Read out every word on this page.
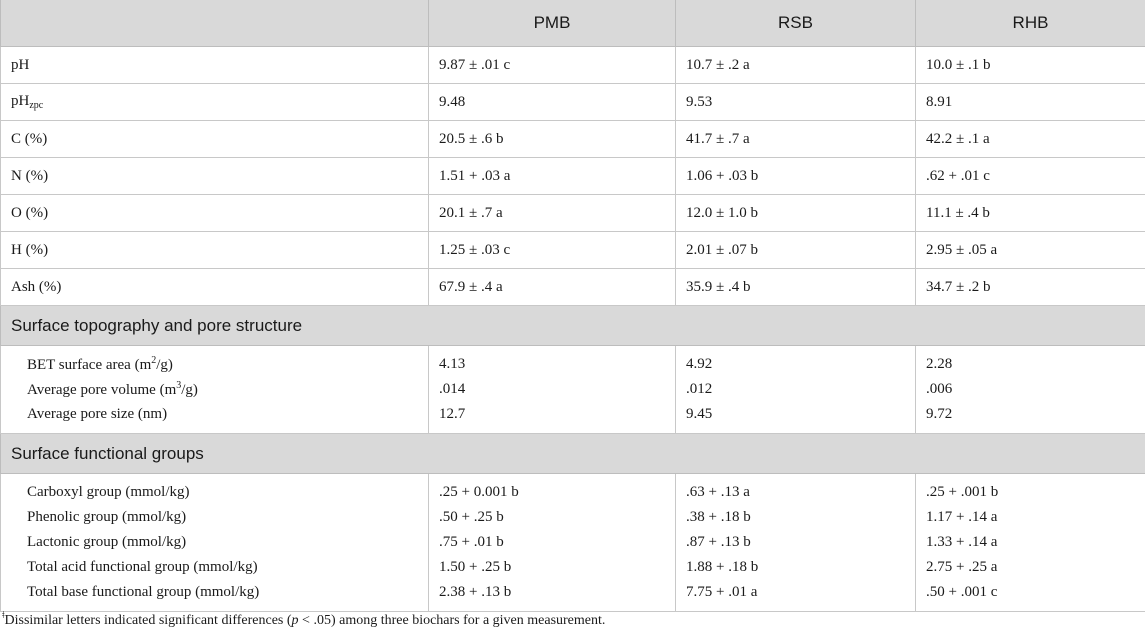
	PMB	RSB	RHB
pH	9.87 ± .01 c	10.7 ± .2 a	10.0 ± .1 b
$pH_{zpc}$	9.48	9.53	8.91
C (%)	20.5 ± .6 b	41.7 ± .7 a	42.2 ± .1 a
N (%)	1.51 + .03 a	1.06 + .03 b	.62 + .01 c
O (%)	20.1 ± .7 a	12.0 ± 1.0 b	11.1 ± .4 b
H (%)	1.25 ± .03 c	2.01 ± .07 b	2.95 ± .05 a
Ash (%)	67.9 ± .4 a	35.9 ± .4 b	34.7 ± .2 b
Surface topography and pore structure			
BET surface area $(m^2/g)$	4.13	4.92	2.28
Average pore volume $(m^3/g)$	.014	.012	.006
Average pore size (nm)	12.7	9.45	9.72
Surface functional groups			
Carboxyl group (mmol/kg)	.25 + 0.001 b	.63 + .13 a	.25 + .001 b
Phenolic group (mmol/kg)	.50 + .25 b	.38 + .18 b	1.17 + .14 a
Lactonic group (mmol/kg)	.75 + .01 b	.87 + .13 b	1.33 + .14 a
Total acid functional group (mmol/kg)	1.50 + .25 b	1.88 + .18 b	2.75 + .25 a
Total base functional group (mmol/kg)	2.38 + .13 b	7.75 + .01 a	.50 + .001 c
$^ǂ$Dissimilar letters indicated significant differences (p < .05) among three biochars for a given measurement.
